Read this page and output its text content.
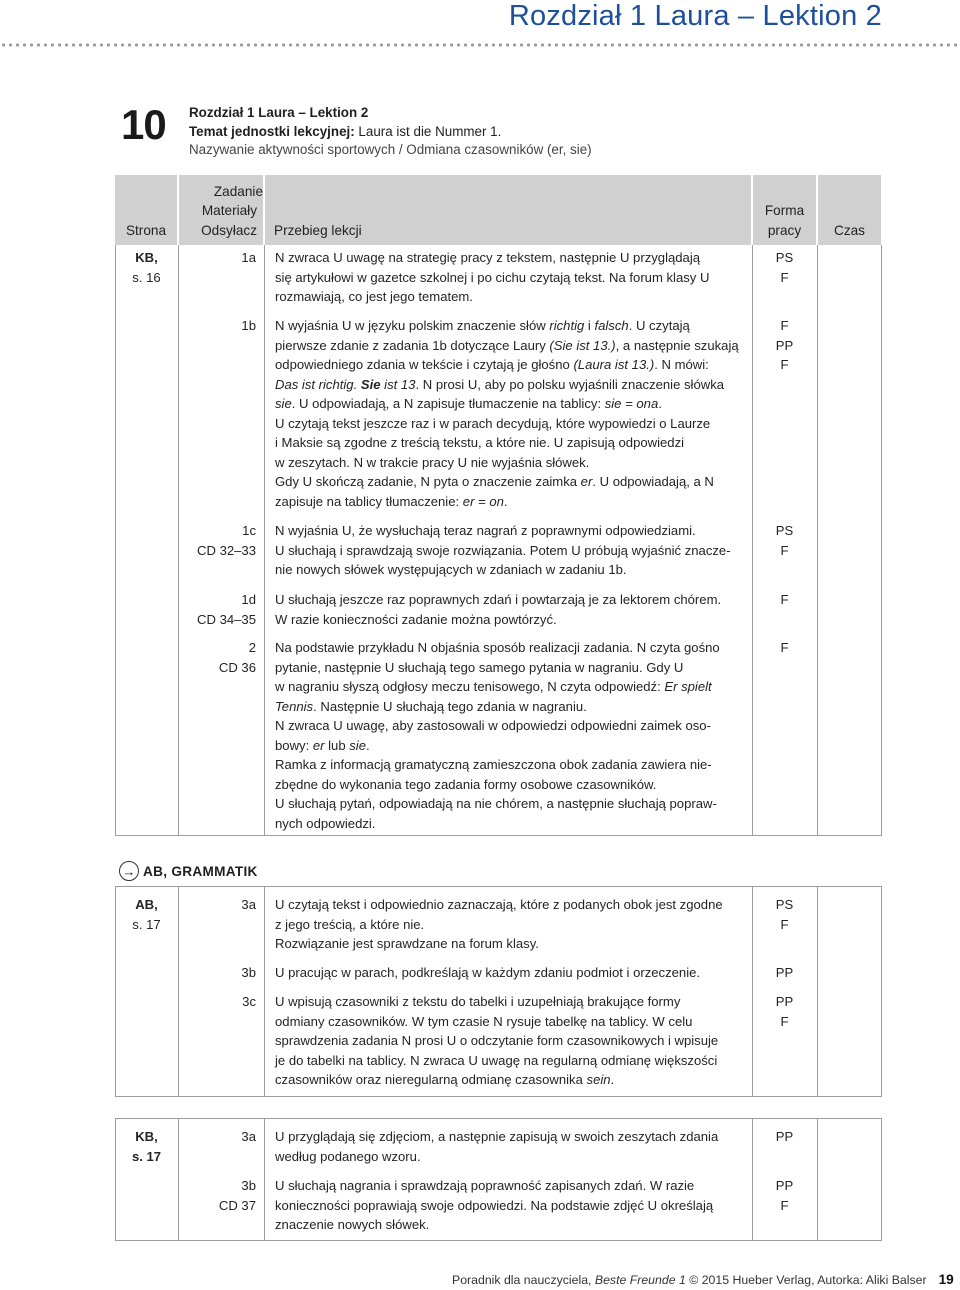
Rozdział 1 Laura – Lektion 2
10 Rozdział 1 Laura – Lektion 2
Temat jednostki lekcyjnej: Laura ist die Nummer 1.
Nazywanie aktywności sportowych / Odmiana czasowników (er, sie)
Strona
Zadanie
Materiały
Odsyłacz Przebieg lekcji
Forma
pracy	Czas
KB,
s. 16
1a N zwraca U uwagę na strategię pracy z tekstem, następnie U przyglądają
się artykułowi w gazetce szkolnej i po cichu czytają tekst. Na forum klasy U
rozmawiają, co jest jego tematem.
PS
F
1b N wyjaśnia U w języku polskim znaczenie słów richtig i falsch. U czytają
pierwsze zdanie z zadania 1b dotyczące Laury (Sie ist 13.), a następnie szukają
odpowiedniego zdania w tekście i czytają je głośno (Laura ist 13.). N mówi:
Das ist richtig. Sie ist 13. N prosi U, aby po polsku wyjaśnili znaczenie słówka
sie. U odpowiadają, a N zapisuje tłumaczenie na tablicy: sie = ona.
U czytają tekst jeszcze raz i w parach decydują, które wypowiedzi o Laurze
i Maksie są zgodne z treścią tekstu, a które nie. U zapisują odpowiedzi
w zeszytach. N w trakcie pracy U nie wyjaśnia słówek.
Gdy U skończą zadanie, N pyta o znaczenie zaimka er. U odpowiadają, a N
zapisuje na tablicy tłumaczenie: er = on.
F
PP
F
1c
CD 32–33
N wyjaśnia U, że wysłuchają teraz nagrań z poprawnymi odpowiedziami.
U słuchają i sprawdzają swoje rozwiązania. Potem U próbują wyjaśnić znacze-
nie nowych słówek występujących w zdaniach w zadaniu 1b.
PS
F
1d
CD 34–35
U słuchają jeszcze raz poprawnych zdań i powtarzają je za lektorem chórem.
W razie konieczności zadanie można powtórzyć.
F
2
CD 36
Na podstawie przykładu N objaśnia sposób realizacji zadania. N czyta gośno
pytanie, następnie U słuchają tego samego pytania w nagraniu. Gdy U
w nagraniu słyszą odgłosy meczu tenisowego, N czyta odpowiedź: Er spielt
Tennis. Następnie U słuchają tego zdania w nagraniu.
N zwraca U uwagę, aby zastosowali w odpowiedzi odpowiedni zaimek oso-
bowy: er lub sie.
Ramka z informacją gramatyczną zamieszczona obok zadania zawiera nie-
zbędne do wykonania tego zadania formy osobowe czasowników.
U słuchają pytań, odpowiadają na nie chórem, a następnie słuchają popraw-
nych odpowiedzi.
F
→ AB, GRAMMATIK
AB,
s. 17
3a U czytają tekst i odpowiednio zaznaczają, które z podanych obok jest zgodne
z jego treścią, a które nie.
Rozwiązanie jest sprawdzane na forum klasy.
PS
F
3b U pracując w parach, podkreślają w każdym zdaniu podmiot i orzeczenie.	PP
3c U wpisują czasowniki z tekstu do tabelki i uzupełniają brakujące formy
odmiany czasowników. W tym czasie N rysuje tabelkę na tablicy. W celu
sprawdzenia zadania N prosi U o odczytanie form czasownikowych i wpisuje
je do tabelki na tablicy. N zwraca U uwagę na regularną odmianę większości
czasowników oraz nieregularną odmianę czasownika sein.
PP
F
KB,
s. 17
3a U przyglądają się zdjęciom, a następnie zapisują w swoich zeszytach zdania
według podanego wzoru.
PP
3b
CD 37
U słuchają nagrania i sprawdzają poprawność zapisanych zdań. W razie
konieczności poprawiają swoje odpowiedzi. Na podstawie zdjęć U określają
znaczenie nowych słówek.
PP
F
Poradnik dla nauczyciela, Beste Freunde 1 © 2015 Hueber Verlag, Autorka: Aliki Balser 19
